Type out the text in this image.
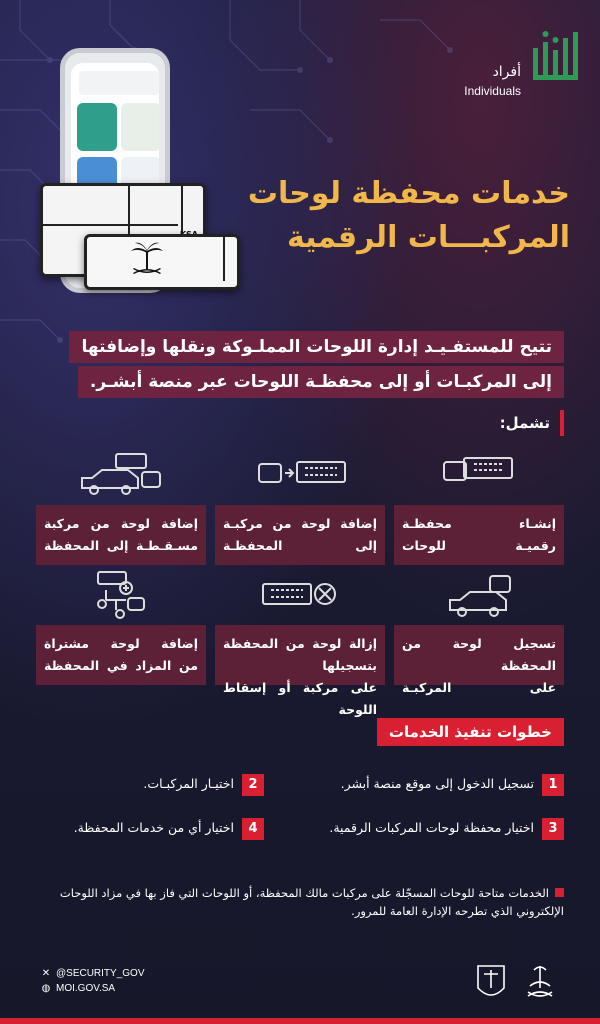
أفراد
Individuals
خدمات محفظة لوحات
المركبـــات الرقمية
تتيح للمستفـيـد إدارة اللوحات المملـوكة ونقلها وإضافتها
إلى المركبـات أو إلى محفظـة اللوحات عبر منصة أبشـر.
تشمل:
إنشـاء محفظـة
رقميـة للوحات
إضافة لوحة من مركبـة
إلى المحفظـة
إضافة لوحة من مركبة
مسـقـطـة إلى المحفظة
تسجيل لوحة من المحفظة
على المركبـة
إزالة لوحة من المحفظة بتسجيلها
على مركبة أو إسقاط اللوحة
إضافة لوحة مشتراة
من المزاد في المحفظة
خطوات تنفيذ الخدمات
1تسجيل الدخول إلى موقع منصة أبشر.
2اختيـار المركبـات.
3اختيار محفظة لوحات المركبات الرقمية.
4اختيار أي من خدمات المحفظة.
الخدمات متاحة للوحات المسجّلة على مركبات مالك المحفظة، أو اللوحات التي فاز بها في مزاد اللوحات الإلكتروني الذي تطرحه الإدارة العامة للمرور.
✕ @SECURITY_GOV
◍ MOI.GOV.SA
